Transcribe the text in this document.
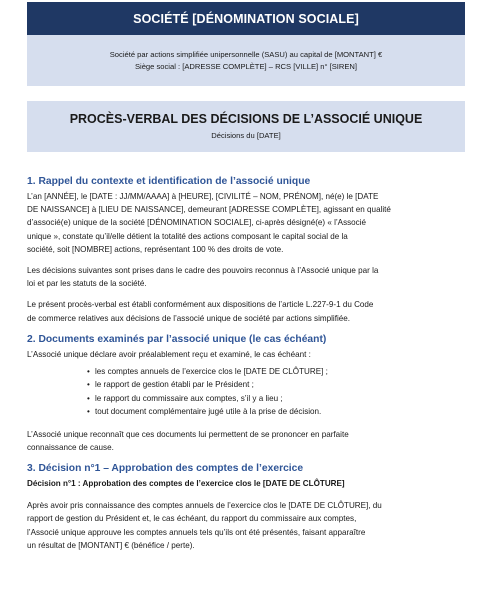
SOCIÉTÉ [DÉNOMINATION SOCIALE]
Société par actions simplifiée unipersonnelle (SASU) au capital de [MONTANT] €
Siège social : [ADRESSE COMPLÈTE] – RCS [VILLE] n° [SIREN]
PROCÈS-VERBAL DES DÉCISIONS DE L’ASSOCIÉ UNIQUE
Décisions du [DATE]
1. Rappel du contexte et identification de l’associé unique

L’an [ANNÉE], le [DATE : JJ/MM/AAAA] à [HEURE], [CIVILITÉ – NOM, PRÉNOM], né(e) le [DATE
DE NAISSANCE] à [LIEU DE NAISSANCE], demeurant [ADRESSE COMPLÈTE], agissant en qualité
d’associé(e) unique de la société [DÉNOMINATION SOCIALE], ci-après désigné(e) « l’Associé
unique », constate qu’il/elle détient la totalité des actions composant le capital social de la
société, soit [NOMBRE] actions, représentant 100 % des droits de vote.

Les décisions suivantes sont prises dans le cadre des pouvoirs reconnus à l’Associé unique par la
loi et par les statuts de la société.

Le présent procès-verbal est établi conformément aux dispositions de l’article L.227-9-1 du Code
de commerce relatives aux décisions de l’associé unique de société par actions simplifiée.

2. Documents examinés par l’associé unique (le cas échéant)

L’Associé unique déclare avoir préalablement reçu et examiné, le cas échéant :

• les comptes annuels de l’exercice clos le [DATE DE CLÔTURE] ;
• le rapport de gestion établi par le Président ;
• le rapport du commissaire aux comptes, s’il y a lieu ;
• tout document complémentaire jugé utile à la prise de décision.

L’Associé unique reconnaît que ces documents lui permettent de se prononcer en parfaite
connaissance de cause.

3. Décision n°1 – Approbation des comptes de l’exercice

Décision n°1 : Approbation des comptes de l’exercice clos le [DATE DE CLÔTURE]

Après avoir pris connaissance des comptes annuels de l’exercice clos le [DATE DE CLÔTURE], du
rapport de gestion du Président et, le cas échéant, du rapport du commissaire aux comptes,
l’Associé unique approuve les comptes annuels tels qu’ils ont été présentés, faisant apparaître
un résultat de [MONTANT] € (bénéfice / perte).
